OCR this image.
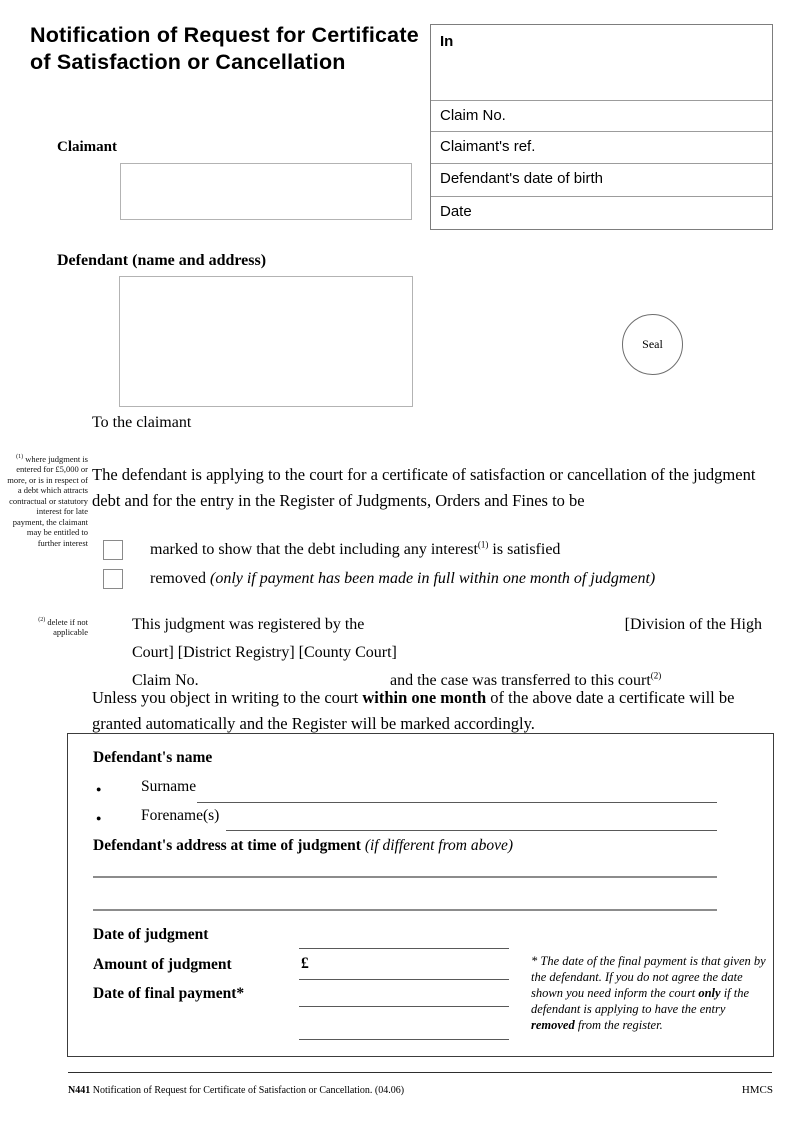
Notification of Request for Certificate of Satisfaction or Cancellation
In
Claim No.
Claimant's ref.
Defendant's date of birth
Date
Claimant
Defendant (name and address)
Seal
To the claimant
$^{(1)}$ where judgment is entered for £5,000 or more, or is in respect of a debt which attracts contractual or statutory interest for late payment, the claimant may be entitled to further interest
The defendant is applying to the court for a certificate of satisfaction or cancellation of the judgment debt and for the entry in the Register of Judgments, Orders and Fines to be
marked to show that the debt including any interest$^{(1)}$ is satisfied
removed (only if payment has been made in full within one month of judgment)
$^{(2)}$ delete if not applicable	This judgment was registered by the	[Division of the High
Court] [District Registry] [County Court]
Claim No.	and the case was transferred to this court$^{(2)}$
Unless you object in writing to the court within one month of the above date a certificate will be granted automatically and the Register will be marked accordingly.
Defendant's name
●	Surname
●	Forename(s)
Defendant's address at time of judgment (if different from above)
Date of judgment
Amount of judgment	£
Date of final payment*
* The date of the final payment is that given by the defendant. If you do not agree the date shown you need inform the court only if the defendant is applying to have the entry removed from the register.
N441 Notification of Request for Certificate of Satisfaction or Cancellation. (04.06)	HMCS
